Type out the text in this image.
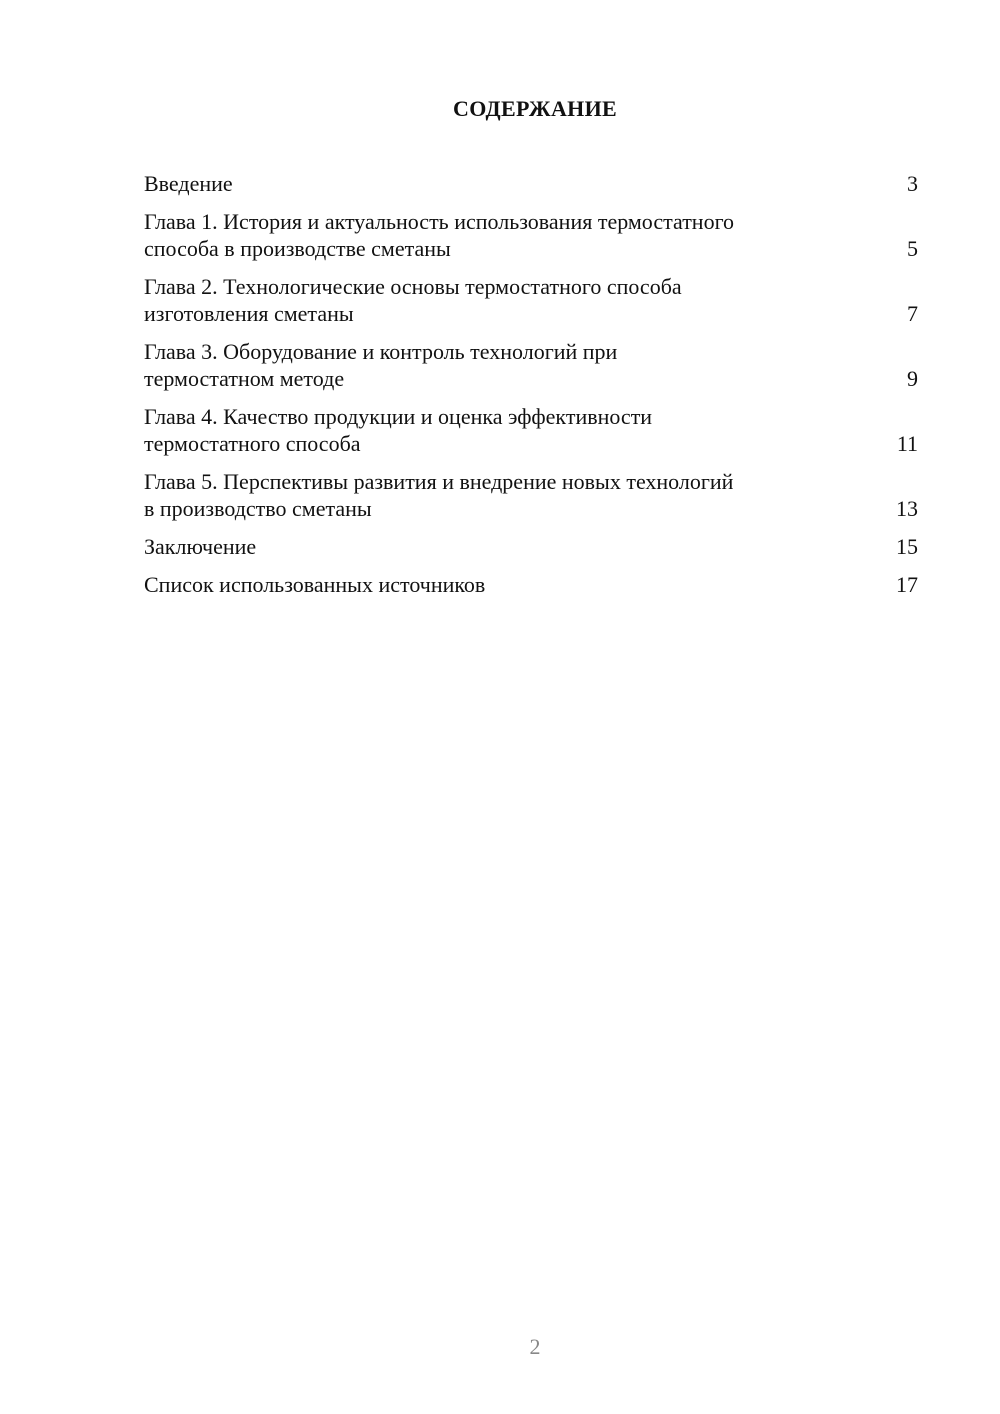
СОДЕРЖАНИЕ
Введение	3
Глава 1. История и актуальность использования термостатного
способа в производстве сметаны	5
Глава 2. Технологические основы термостатного способа
изготовления сметаны	7
Глава 3. Оборудование и контроль технологий при
термостатном методе	9
Глава 4. Качество продукции и оценка эффективности
термостатного способа	11
Глава 5. Перспективы развития и внедрение новых технологий
в производство сметаны	13
Заключение	15
Список использованных источников	17
2
